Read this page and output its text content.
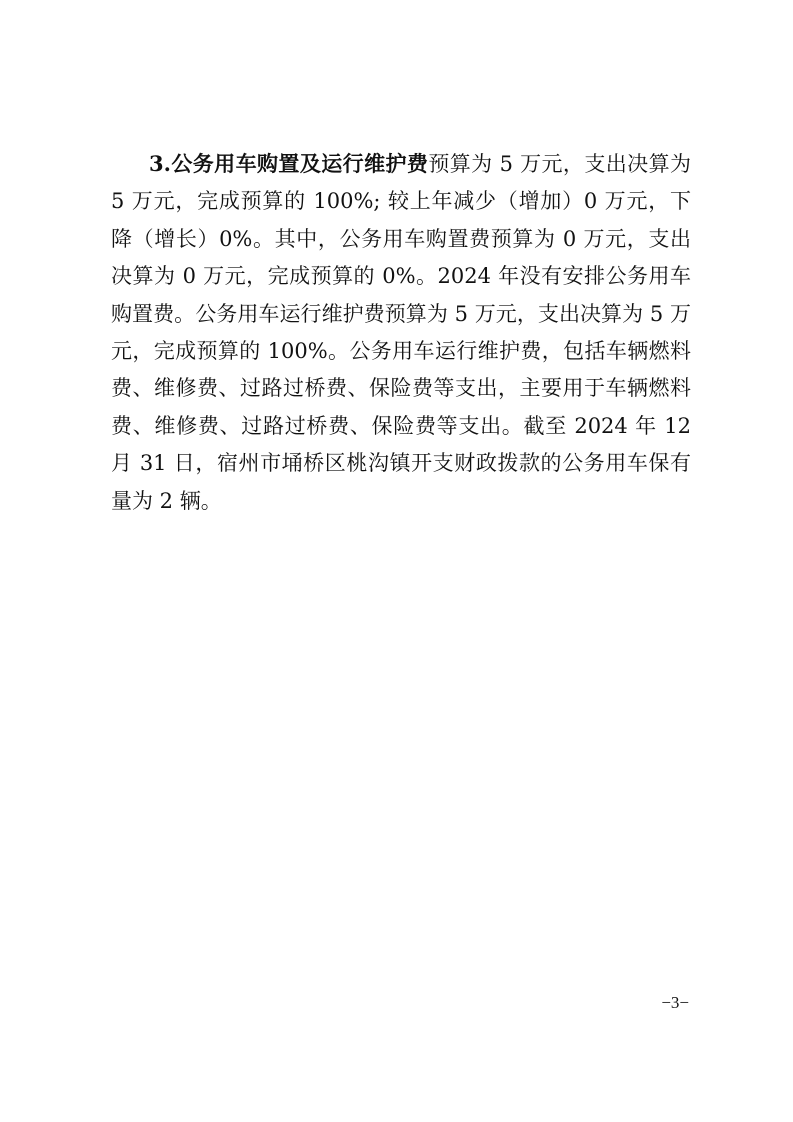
3.公务用车购置及运行维护费预算为 5 万元，支出决算为 5 万元，完成预算的 100%; 较上年减少（增加）0 万元，下降（增长）0%。其中，公务用车购置费预算为 0 万元，支出决算为 0 万元，完成预算的 0%。2024 年没有安排公务用车购置费。公务用车运行维护费预算为 5 万元，支出决算为 5 万元，完成预算的 100%。公务用车运行维护费，包括车辆燃料费、维修费、过路过桥费、保险费等支出，主要用于车辆燃料费、维修费、过路过桥费、保险费等支出。截至 2024 年 12 月 31 日，宿州市埇桥区桃沟镇开支财政拨款的公务用车保有量为 2 辆。

−3−
